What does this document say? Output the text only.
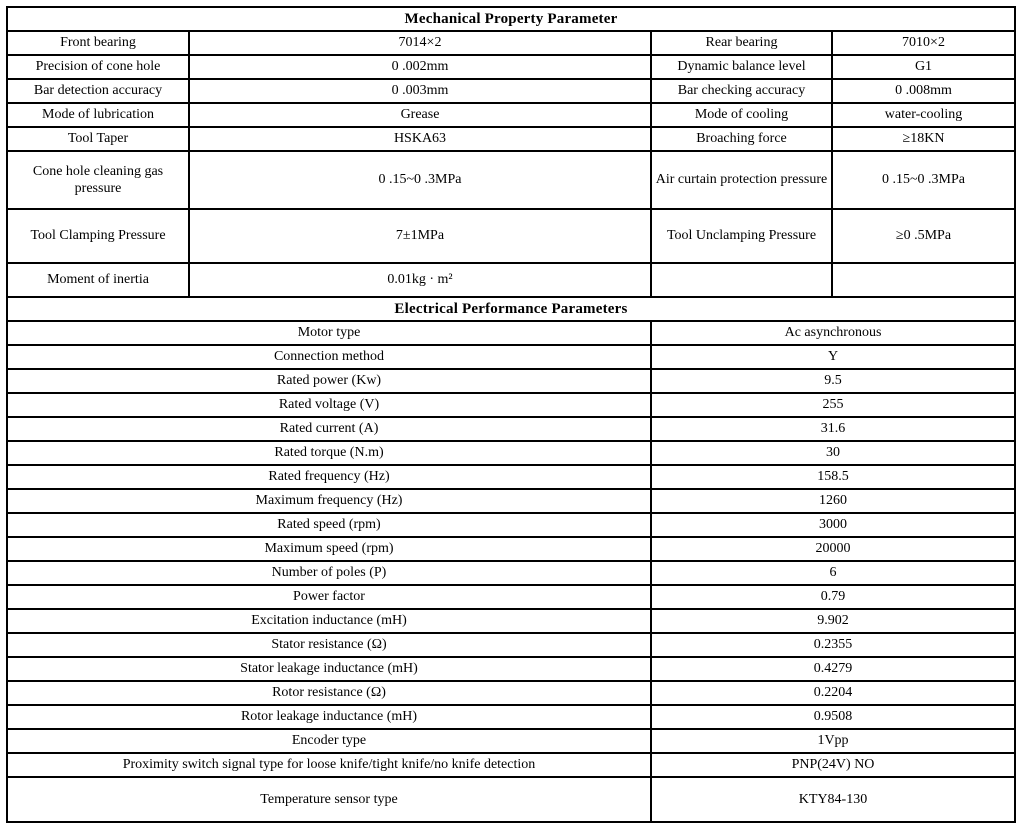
Mechanical Property Parameter			
Front bearing	7014×2	Rear bearing	7010×2
Precision of cone hole	0 .002mm	Dynamic balance level	G1
Bar detection accuracy	0 .003mm	Bar checking accuracy	0 .008mm
Mode of lubrication	Grease	Mode of cooling	water-cooling
Tool Taper	HSKA63	Broaching force	≥18KN
Cone hole cleaning gas pressure	0 .15~0 .3MPa	Air curtain protection pressure	0 .15~0 .3MPa
Tool Clamping Pressure	7±1MPa	Tool Unclamping Pressure	≥0 .5MPa
Moment of inertia	0.01kg · m²		
Electrical Performance Parameters			
Motor type		Ac asynchronous	
Connection method		Y	
Rated power (Kw)		9.5	
Rated voltage (V)		255	
Rated current (A)		31.6	
Rated torque (N.m)		30	
Rated frequency (Hz)		158.5	
Maximum frequency (Hz)		1260	
Rated speed (rpm)		3000	
Maximum speed (rpm)		20000	
Number of poles (P)		6	
Power factor		0.79	
Excitation inductance (mH)		9.902	
Stator resistance (Ω)		0.2355	
Stator leakage inductance (mH)		0.4279	
Rotor resistance (Ω)		0.2204	
Rotor leakage inductance (mH)		0.9508	
Encoder type		1Vpp	
Proximity switch signal type for loose knife/tight knife/no knife detection		PNP(24V) NO	
Temperature sensor type		KTY84-130	
